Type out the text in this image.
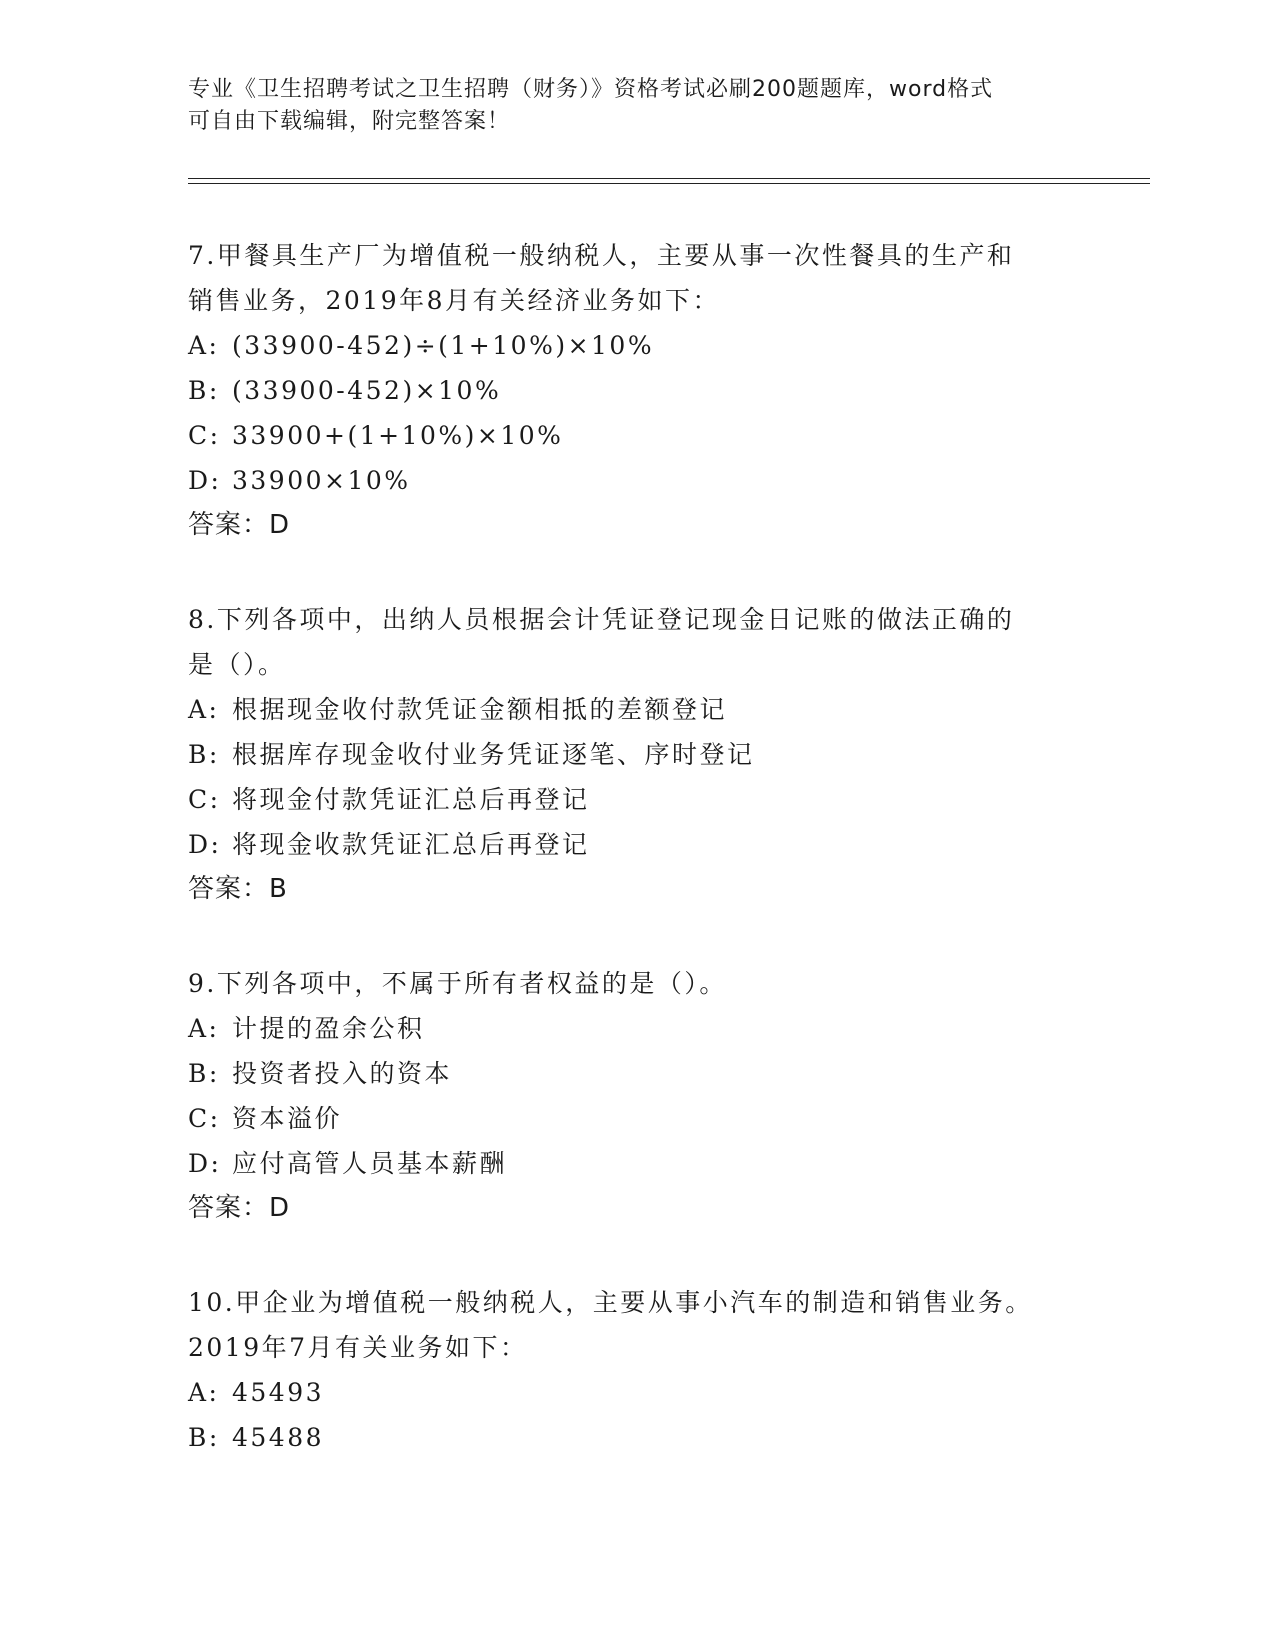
专业《卫生招聘考试之卫生招聘（财务）》资格考试必刷200题题库，word格式
可自由下载编辑，附完整答案！
7.甲餐具生产厂为增值税一般纳税人，主要从事一次性餐具的生产和
销售业务，2019年8月有关经济业务如下：
A: (33900-452)÷(1+10%)×10%
B: (33900-452)×10%
C: 33900+(1+10%)×10%
D: 33900×10%
答案：D
8.下列各项中，出纳人员根据会计凭证登记现金日记账的做法正确的
是（）。
A: 根据现金收付款凭证金额相抵的差额登记
B: 根据库存现金收付业务凭证逐笔、序时登记
C: 将现金付款凭证汇总后再登记
D: 将现金收款凭证汇总后再登记
答案：B
9.下列各项中，不属于所有者权益的是（）。
A: 计提的盈余公积
B: 投资者投入的资本
C: 资本溢价
D: 应付高管人员基本薪酬
答案：D
10.甲企业为增值税一般纳税人，主要从事小汽车的制造和销售业务。
2019年7月有关业务如下：
A: 45493
B: 45488
